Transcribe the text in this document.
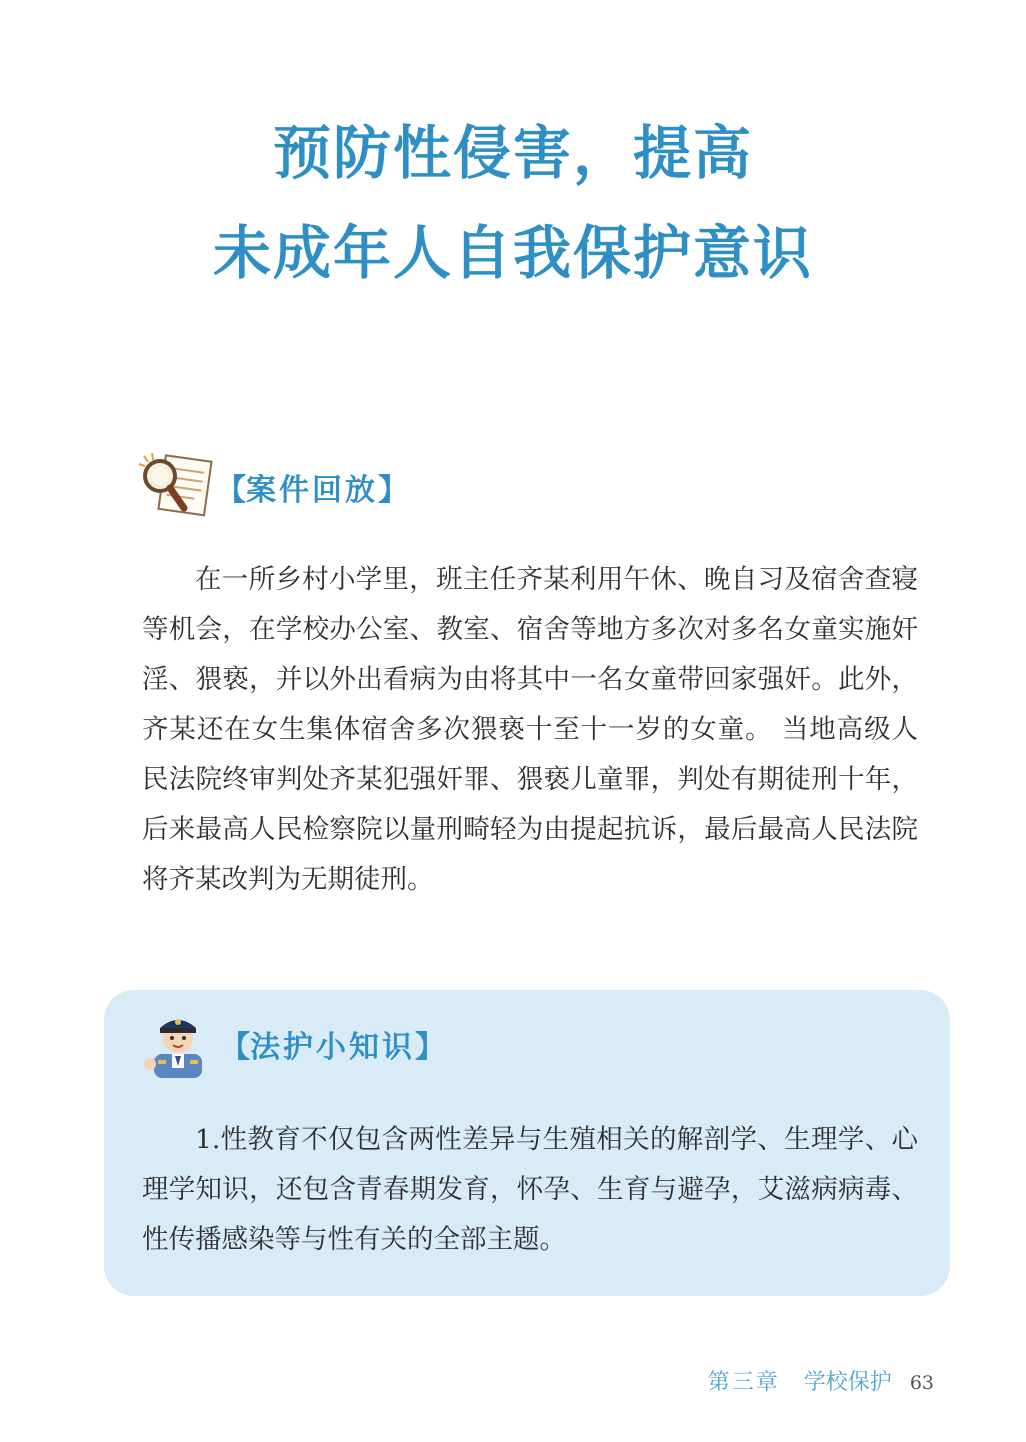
预防性侵害，提高
未成年人自我保护意识
【 案件回放 】

在一所乡村小学里，班主任齐某利用午休、晚自习及宿舍查寝等机会，在学校办公室、教室、宿舍等地方多次对多名女童实施奸淫、猥亵，并以外出看病为由将其中一名女童带回家强奸。此外，齐某还在女生集体宿舍多次猥亵十至十一岁的女童。 当地高级人民法院终审判处齐某犯强奸罪、猥亵儿童罪，判处有期徒刑十年，后来最高人民检察院以量刑畸轻为由提起抗诉，最后最高人民法院将齐某改判为无期徒刑。

【 法护小知识 】

1.性教育不仅包含两性差异与生殖相关的解剖学、生理学、心理学知识，还包含青春期发育，怀孕、生育与避孕，艾滋病病毒、性传播感染等与性有关的全部主题。

第三章 学校保护 63
